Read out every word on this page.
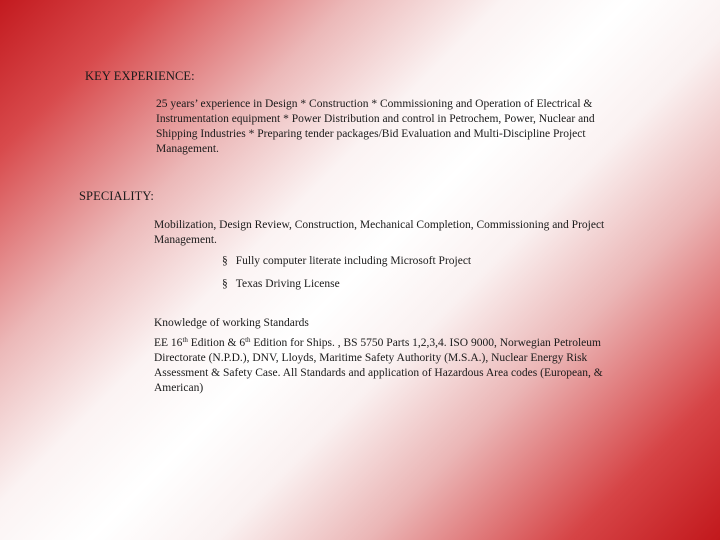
KEY EXPERIENCE:
25 years’ experience in Design * Construction * Commissioning and Operation of Electrical & Instrumentation equipment * Power Distribution and control in Petrochem, Power, Nuclear and Shipping Industries * Preparing tender packages/Bid Evaluation and Multi-Discipline Project Management.
SPECIALITY:
Mobilization, Design Review, Construction, Mechanical Completion, Commissioning and Project Management.
§ Fully computer literate including Microsoft Project
§ Texas Driving License
Knowledge of working Standards
EE 16th Edition & 6th Edition for Ships. , BS 5750 Parts 1,2,3,4. ISO 9000, Norwegian Petroleum Directorate (N.P.D.), DNV, Lloyds, Maritime Safety Authority (M.S.A.), Nuclear Energy Risk Assessment & Safety Case. All Standards and application of Hazardous Area codes (European, & American)
